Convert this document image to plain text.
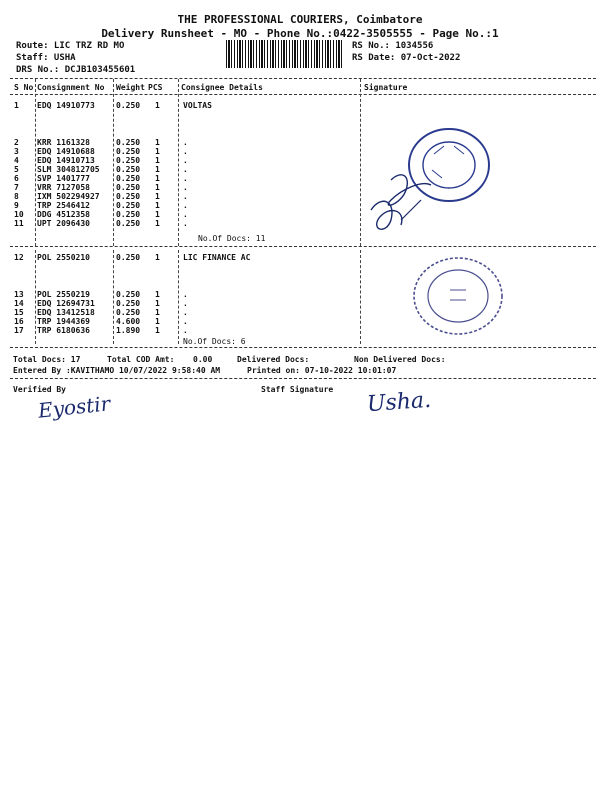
THE PROFESSIONAL COURIERS, Coimbatore
Delivery Runsheet - MO - Phone No.:0422-3505555 - Page No.:1
Route: LIC TRZ RD MO
Staff: USHA
DRS No.: DCJB103455601
RS No.: 1034556
RS Date: 07-Oct-2022
S No Consignment No Weight PCS Consignee Details	Signature
1 EDQ 14910773	0.250 1	VOLTAS
2 KRR 1161328	0.250 1	.
3 EDQ 14910688	0.250 1	.
4 EDQ 14910713	0.250 1	.
5 SLM 304812705 0.250 1	.
6 SVP 1401777	0.250 1	.
7 VRR 7127058	0.250 1	.
8 IXM 502294927 0.250 1	.
9 TRP 2546412	0.250 1	.
10 DDG 4512358	0.250 1	.
11 UPT 2096430	0.250 1	.
No.Of Docs: 11
12 POL 2550210	0.250 1	LIC FINANCE AC
13 POL 2550219	0.250 1	.
14 EDQ 12694731	0.250 1	.
15 EDQ 13412518	0.250 1	.
16 TRP 1944369	4.600 1	.
17 TRP 6180636	1.890 1	.
No.Of Docs: 6
Total Docs: 17	Total COD Amt: 0.00	Delivered Docs:	Non Delivered Docs:
Entered By :KAVITHAMO 10/07/2022 9:58:40 AM	Printed on: 07-10-2022 10:01:07
Verified By	Staff Signature
Eyostir	Usha.
